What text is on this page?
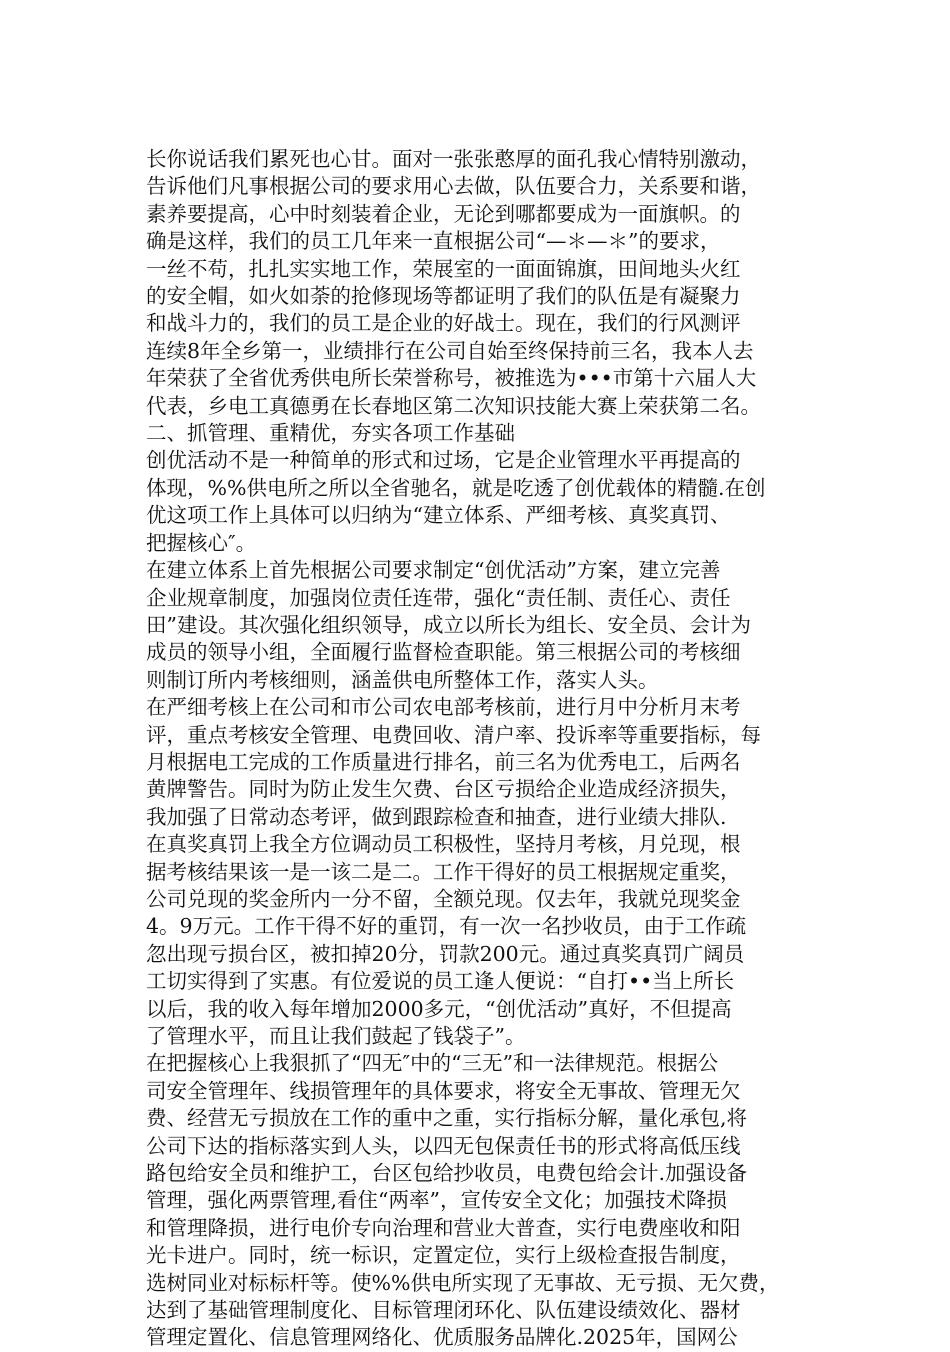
长你说话我们累死也心甘。面对一张张憨厚的面孔我心情特别激动，
告诉他们凡事根据公司的要求用心去做，队伍要合力，关系要和谐，
素养要提高，心中时刻装着企业，无论到哪都要成为一面旗帜。的
确是这样，我们的员工几年来一直根据公司“—＊—＊”的要求，
一丝不苟，扎扎实实地工作，荣展室的一面面锦旗，田间地头火红
的安全帽，如火如荼的抢修现场等都证明了我们的队伍是有凝聚力
和战斗力的，我们的员工是企业的好战士。现在，我们的行风测评
连续8年全乡第一，业绩排行在公司自始至终保持前三名，我本人去
年荣获了全省优秀供电所长荣誉称号，被推选为•••市第十六届人大
代表，乡电工真德勇在长春地区第二次知识技能大赛上荣获第二名。

二、抓管理、重精优，夯实各项工作基础

创优活动不是一种简单的形式和过场，它是企业管理水平再提高的
体现，%%供电所之所以全省驰名，就是吃透了创优载体的精髓.在创
优这项工作上具体可以归纳为“建立体系、严细考核、真奖真罚、
把握核心″。

在建立体系上首先根据公司要求制定“创优活动”方案，建立完善
企业规章制度，加强岗位责任连带，强化“责任制、责任心、责任
田”建设。其次强化组织领导，成立以所长为组长、安全员、会计为
成员的领导小组，全面履行监督检查职能。第三根据公司的考核细
则制订所内考核细则，涵盖供电所整体工作，落实人头。

在严细考核上在公司和市公司农电部考核前，进行月中分析月末考
评，重点考核安全管理、电费回收、清户率、投诉率等重要指标，每
月根据电工完成的工作质量进行排名，前三名为优秀电工，后两名
黄牌警告。同时为防止发生欠费、台区亏损给企业造成经济损失，
我加强了日常动态考评，做到跟踪检查和抽查，进行业绩大排队.

在真奖真罚上我全方位调动员工积极性，坚持月考核，月兑现，根
据考核结果该一是一该二是二。工作干得好的员工根据规定重奖，
公司兑现的奖金所内一分不留，全额兑现。仅去年，我就兑现奖金
4。9万元。工作干得不好的重罚，有一次一名抄收员，由于工作疏
忽出现亏损台区，被扣掉20分，罚款200元。通过真奖真罚广阔员
工切实得到了实惠。有位爱说的员工逢人便说：“自打••当上所长
以后，我的收入每年增加2000多元，“创优活动”真好，不但提高
了管理水平，而且让我们鼓起了钱袋子”。

在把握核心上我狠抓了“四无″中的“三无”和一法律规范。根据公
司安全管理年、线损管理年的具体要求，将安全无事故、管理无欠
费、经营无亏损放在工作的重中之重，实行指标分解，量化承包,将
公司下达的指标落实到人头，以四无包保责任书的形式将高低压线
路包给安全员和维护工，台区包给抄收员，电费包给会计.加强设备
管理，强化两票管理,看住“两率”，宣传安全文化；加强技术降损
和管理降损，进行电价专向治理和营业大普查，实行电费座收和阳
光卡进户。同时，统一标识，定置定位，实行上级检查报告制度，
选树同业对标标杆等。使%%供电所实现了无事故、无亏损、无欠费，
达到了基础管理制度化、目标管理闭环化、队伍建设绩效化、器材
管理定置化、信息管理网络化、优质服务品牌化.2025年，国网公
